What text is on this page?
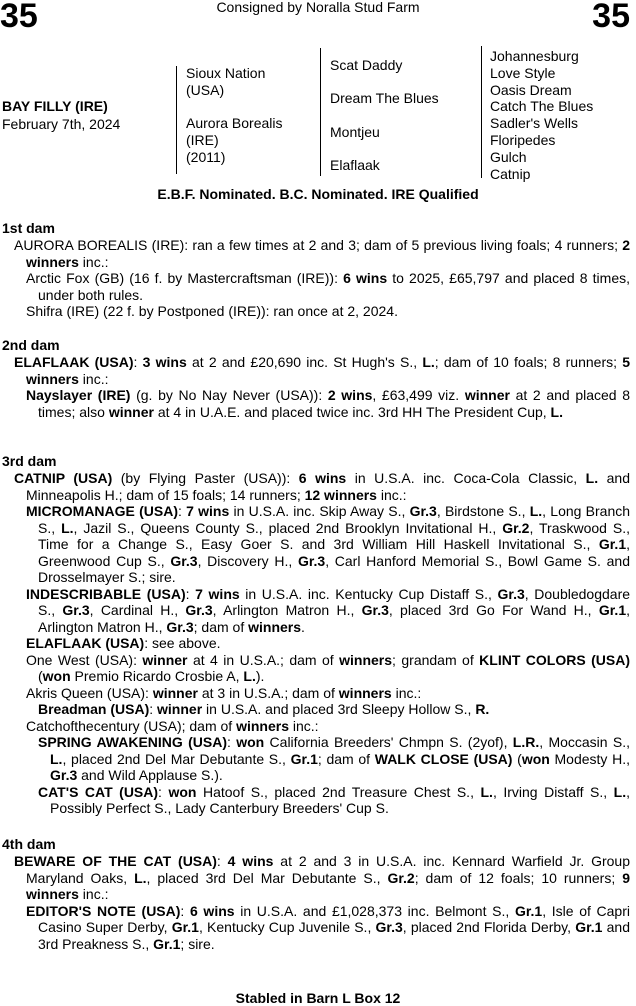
35	Consigned by Noralla Stud Farm	35
BAY FILLY (IRE)
February 7th, 2024
Sioux Nation
(USA)
Aurora Borealis
(IRE)
(2011)
Scat Daddy
Dream The Blues
Montjeu
Elaflaak
Johannesburg
Love Style
Oasis Dream
Catch The Blues
Sadler's Wells
Floripedes
Gulch
Catnip
E.B.F. Nominated. B.C. Nominated. IRE Qualified
1st dam

AURORA BOREALIS (IRE): ran a few times at 2 and 3; dam of 5 previous living foals; 4 runners; 2 winners inc.:

Arctic Fox (GB) (16 f. by Mastercraftsman (IRE)): 6 wins to 2025, £65,797 and placed 8 times, under both rules.

Shifra (IRE) (22 f. by Postponed (IRE)): ran once at 2, 2024.

2nd dam

ELAFLAAK (USA): 3 wins at 2 and £20,690 inc. St Hugh's S., L.; dam of 10 foals; 8 runners; 5 winners inc.:

Nayslayer (IRE) (g. by No Nay Never (USA)): 2 wins, £63,499 viz. winner at 2 and placed 8 times; also winner at 4 in U.A.E. and placed twice inc. 3rd HH The President Cup, L.

3rd dam

CATNIP (USA) (by Flying Paster (USA)): 6 wins in U.S.A. inc. Coca-Cola Classic, L. and Minneapolis H.; dam of 15 foals; 14 runners; 12 winners inc.:

MICROMANAGE (USA): 7 wins in U.S.A. inc. Skip Away S., Gr.3, Birdstone S., L., Long Branch S., L., Jazil S., Queens County S., placed 2nd Brooklyn Invitational H., Gr.2, Traskwood S., Time for a Change S., Easy Goer S. and 3rd William Hill Haskell Invitational S., Gr.1, Greenwood Cup S., Gr.3, Discovery H., Gr.3, Carl Hanford Memorial S., Bowl Game S. and Drosselmayer S.; sire.

INDESCRIBABLE (USA): 7 wins in U.S.A. inc. Kentucky Cup Distaff S., Gr.3, Doubledogdare S., Gr.3, Cardinal H., Gr.3, Arlington Matron H., Gr.3, placed 3rd Go For Wand H., Gr.1, Arlington Matron H., Gr.3; dam of winners.

ELAFLAAK (USA): see above.

One West (USA): winner at 4 in U.S.A.; dam of winners; grandam of KLINT COLORS (USA) (won Premio Ricardo Crosbie A, L.).

Akris Queen (USA): winner at 3 in U.S.A.; dam of winners inc.:

Breadman (USA): winner in U.S.A. and placed 3rd Sleepy Hollow S., R.

Catchofthecentury (USA); dam of winners inc.:

SPRING AWAKENING (USA): won California Breeders' Chmpn S. (2yof), L.R., Moccasin S., L., placed 2nd Del Mar Debutante S., Gr.1; dam of WALK CLOSE (USA) (won Modesty H., Gr.3 and Wild Applause S.).

CAT'S CAT (USA): won Hatoof S., placed 2nd Treasure Chest S., L., Irving Distaff S., L., Possibly Perfect S., Lady Canterbury Breeders' Cup S.

4th dam

BEWARE OF THE CAT (USA): 4 wins at 2 and 3 in U.S.A. inc. Kennard Warfield Jr. Group Maryland Oaks, L., placed 3rd Del Mar Debutante S., Gr.2; dam of 12 foals; 10 runners; 9 winners inc.:

EDITOR'S NOTE (USA): 6 wins in U.S.A. and £1,028,373 inc. Belmont S., Gr.1, Isle of Capri Casino Super Derby, Gr.1, Kentucky Cup Juvenile S., Gr.3, placed 2nd Florida Derby, Gr.1 and 3rd Preakness S., Gr.1; sire.

Stabled in Barn L Box 12
